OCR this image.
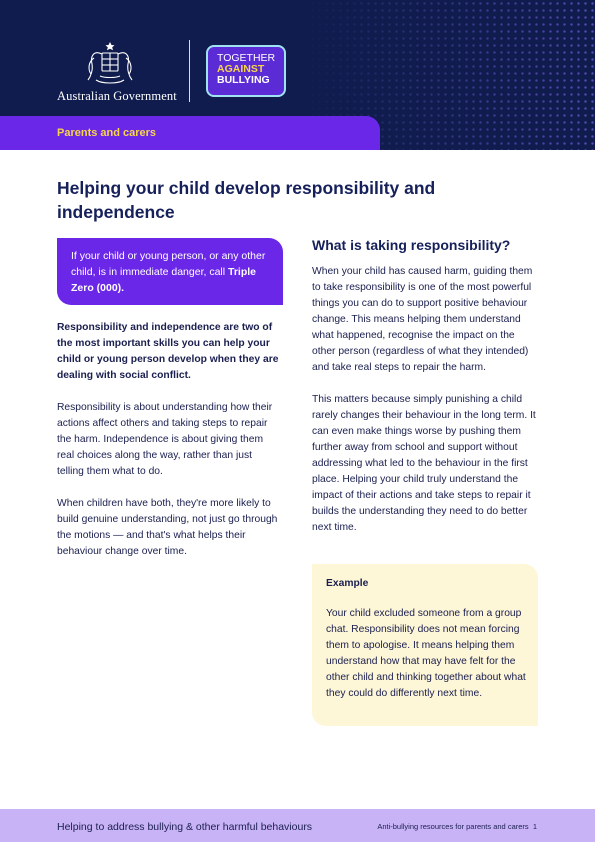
Australian Government
TOGETHER
AGAINST
BULLYING
Parents and carers
Helping your child develop responsibility and independence
If your child or young person, or any other child, is in immediate danger, call Triple Zero (000).

Responsibility and independence are two of the most important skills you can help your child or young person develop when they are dealing with social conflict.

Responsibility is about understanding how their actions affect others and taking steps to repair the harm. Independence is about giving them real choices along the way, rather than just telling them what to do.

When children have both, they're more likely to build genuine understanding, not just go through the motions — and that's what helps their behaviour change over time.

What is taking responsibility?

When your child has caused harm, guiding them to take responsibility is one of the most powerful things you can do to support positive behaviour change. This means helping them understand what happened, recognise the impact on the other person (regardless of what they intended) and take real steps to repair the harm.

This matters because simply punishing a child rarely changes their behaviour in the long term. It can even make things worse by pushing them further away from school and support without addressing what led to the behaviour in the first place. Helping your child truly understand the impact of their actions and take steps to repair it builds the understanding they need to do better next time.

Example

Your child excluded someone from a group chat. Responsibility does not mean forcing them to apologise. It means helping them understand how that may have felt for the other child and thinking together about what they could do differently next time.

Helping to address bullying & other harmful behaviours	Anti-bullying resources for parents and carers 1
